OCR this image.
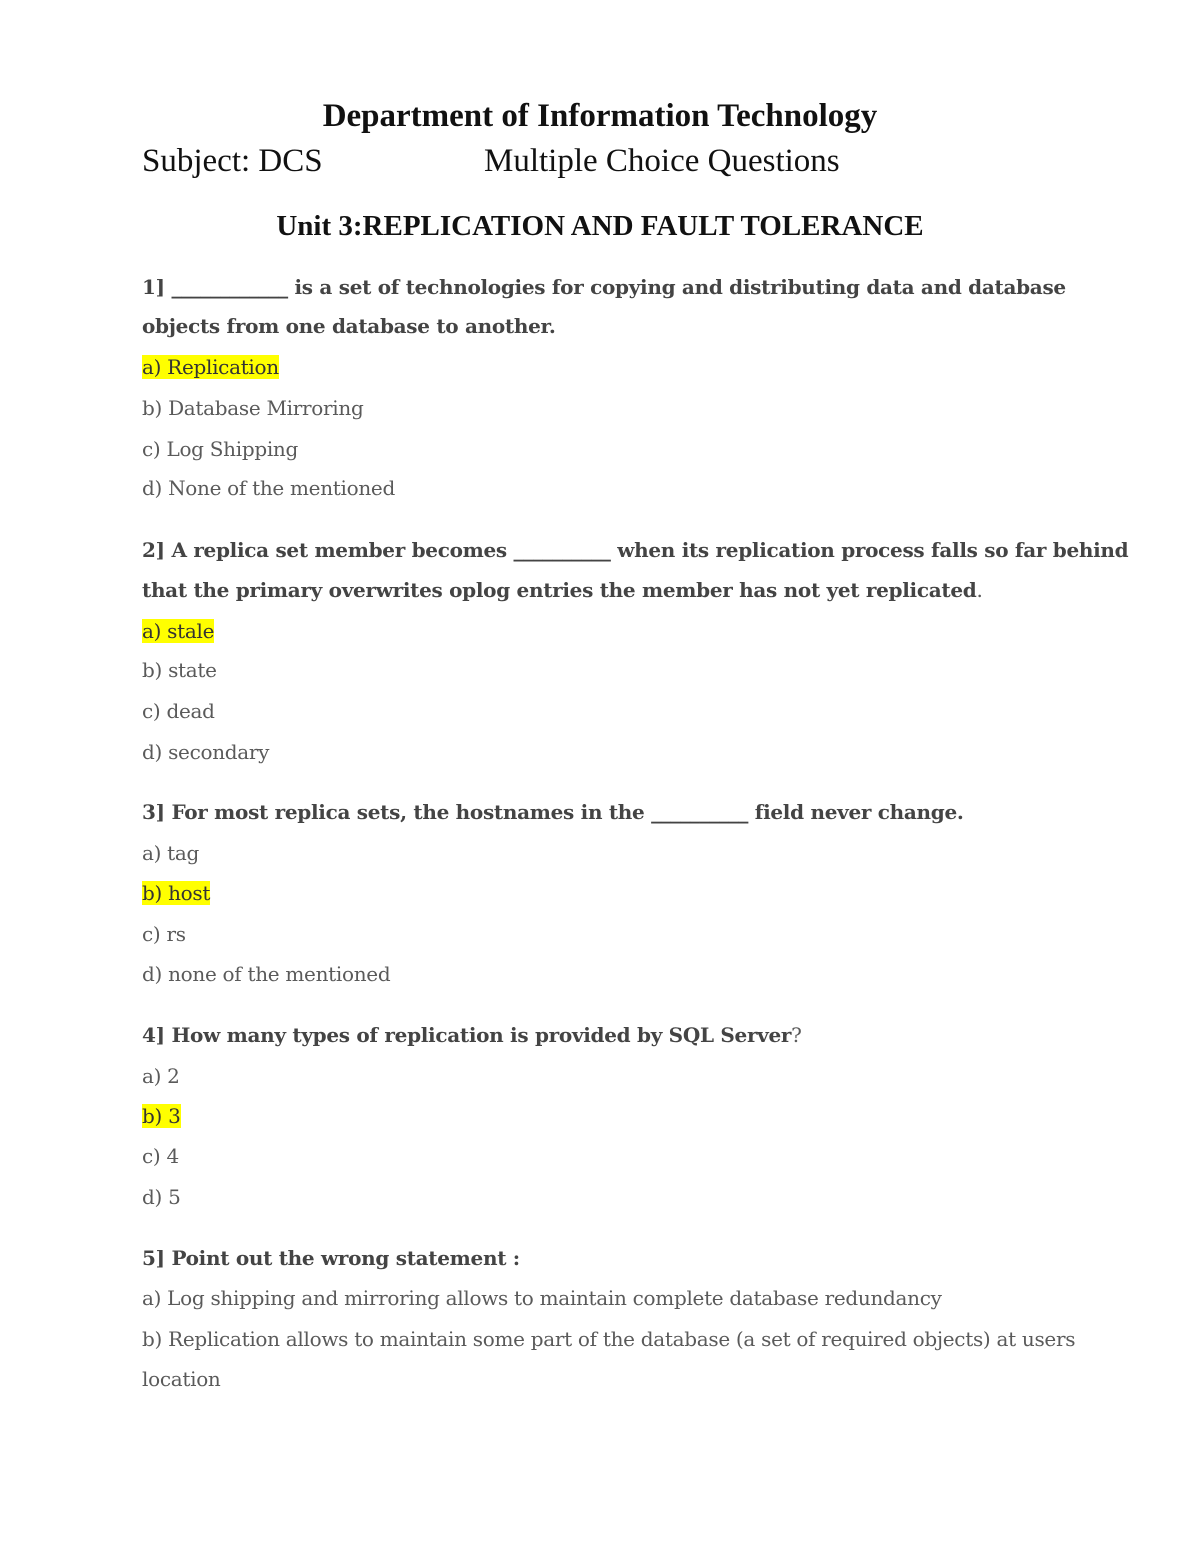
Department of Information Technology
Subject: DCS	Multiple Choice Questions
Unit 3:REPLICATION AND FAULT TOLERANCE
1] ____________ is a set of technologies for copying and distributing data and database
objects from one database to another.
a) Replication
b) Database Mirroring
c) Log Shipping
d) None of the mentioned
2] A replica set member becomes __________ when its replication process falls so far behind
that the primary overwrites oplog entries the member has not yet replicated.
a) stale
b) state
c) dead
d) secondary
3] For most replica sets, the hostnames in the __________ field never change.
a) tag
b) host
c) rs
d) none of the mentioned
4] How many types of replication is provided by SQL Server?
a) 2
b) 3
c) 4
d) 5
5] Point out the wrong statement :
a) Log shipping and mirroring allows to maintain complete database redundancy
b) Replication allows to maintain some part of the database (a set of required objects) at users
location
